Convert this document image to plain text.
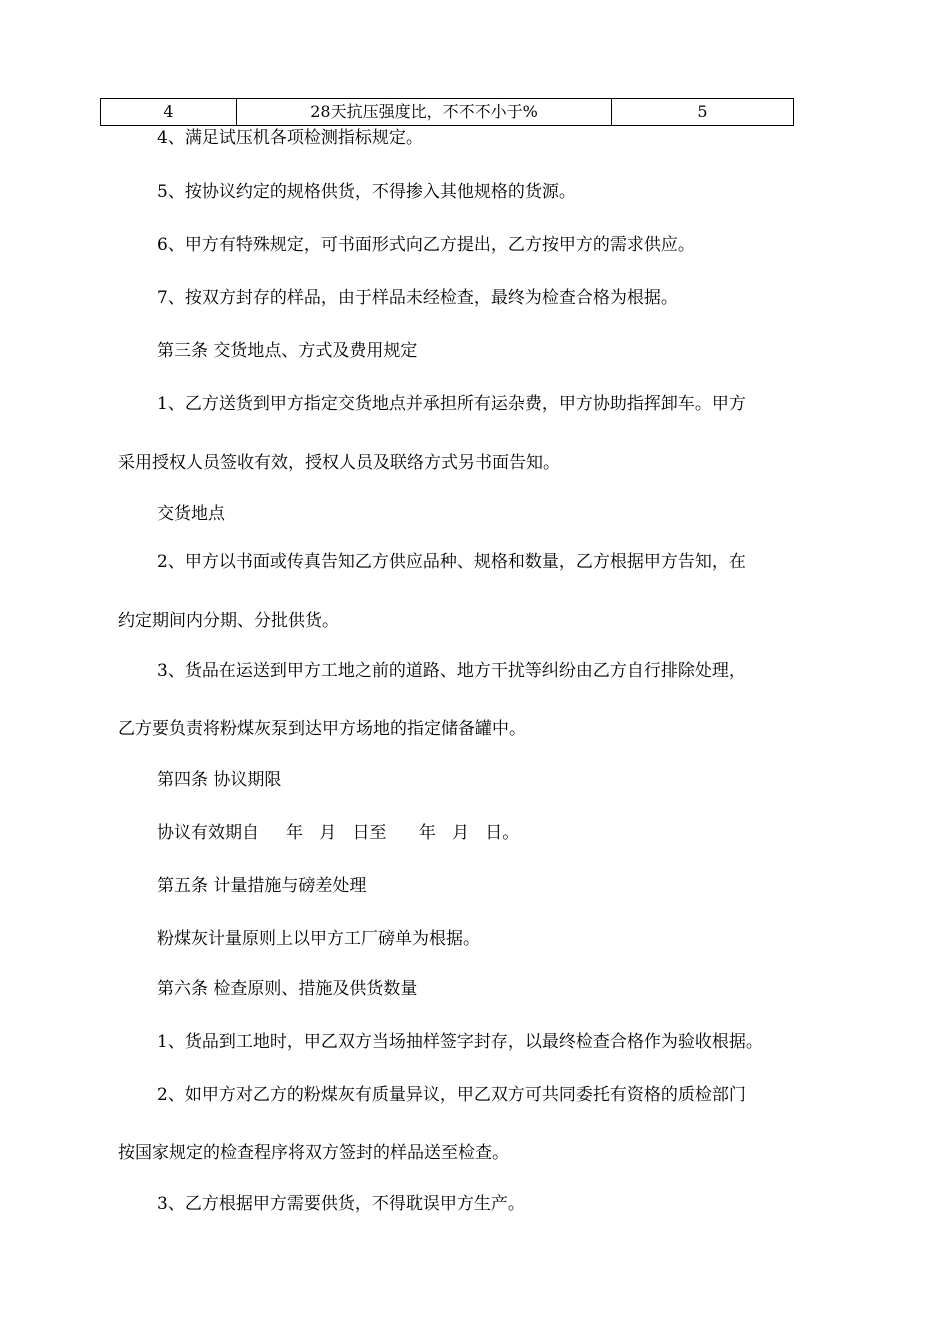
4	28天抗压强度比，不不不小于%	5

4、满足试压机各项检测指标规定。

5、按协议约定的规格供货，不得掺入其他规格的货源。

6、甲方有特殊规定，可书面形式向乙方提出，乙方按甲方的需求供应。

7、按双方封存的样品，由于样品未经检查，最终为检查合格为根据。

第三条 交货地点、方式及费用规定

1、乙方送货到甲方指定交货地点并承担所有运杂费，甲方协助指挥卸车。甲方

采用授权人员签收有效，授权人员及联络方式另书面告知。

交货地点

2、甲方以书面或传真告知乙方供应品种、规格和数量，乙方根据甲方告知，在

约定期间内分期、分批供货。

3、货品在运送到甲方工地之前的道路、地方干扰等纠纷由乙方自行排除处理，

乙方要负责将粉煤灰泵到达甲方场地的指定储备罐中。

第四条 协议期限

协议有效期自     年   月   日至      年   月   日。

第五条 计量措施与磅差处理

粉煤灰计量原则上以甲方工厂磅单为根据。

第六条 检查原则、措施及供货数量

1、货品到工地时，甲乙双方当场抽样签字封存，以最终检查合格作为验收根据。

2、如甲方对乙方的粉煤灰有质量异议，甲乙双方可共同委托有资格的质检部门

按国家规定的检查程序将双方签封的样品送至检查。

3、乙方根据甲方需要供货，不得耽误甲方生产。
